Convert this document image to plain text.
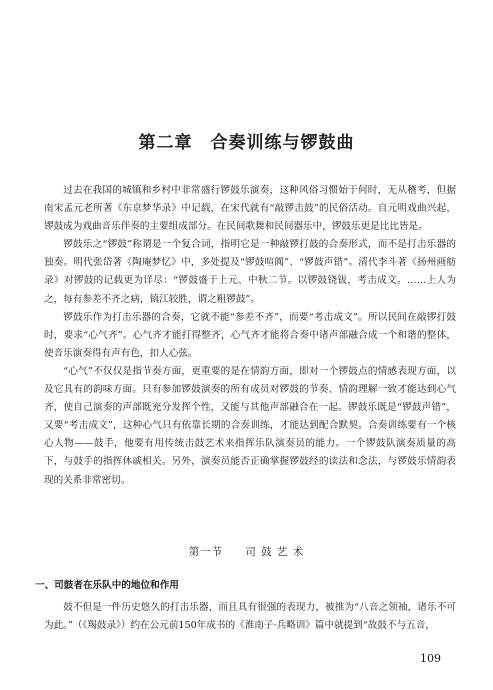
第二章 合奏训练与锣鼓曲

过去在我国的城镇和乡村中非常盛行锣鼓乐演奏，这种风俗习惯始于何时，无从稽考，但据南宋孟元老所著《东京梦华录》中记载，在宋代就有“敲锣击鼓”的民俗活动。自元明戏曲兴起，锣鼓成为戏曲音乐伴奏的主要组成部分。在民间歌舞和民间器乐中，锣鼓乐更是比比皆是。

锣鼓乐之“锣鼓”称谓是一个复合词，指明它是一种敲锣打鼓的合奏形式，而不是打击乐器的独奏。明代张岱著《陶庵梦忆》中，多处提及“锣鼓喧阗”、“锣鼓声错”。清代李斗著《扬州画舫录》对锣鼓的记载更为详尽：“锣鼓盛于上元、中秋二节。以锣鼓铙钹，考击成文。……上人为之，每有参差不齐之病，镇江较胜，谓之粗锣鼓”。

锣鼓乐作为打击乐器的合奏，它就不能“参差不齐”，而要“考击成文”。所以民间在敲锣打鼓时，要求“心气齐”。心气齐才能打得整齐，心气齐才能将合奏中诸声部融合成一个和谐的整体，使音乐演奏得有声有色，扣人心弦。

“心气”不仅仅是指节奏方面，更重要的是在情韵方面，即对一个锣鼓点的情感表现方面，以及它具有的韵味方面。只有参加锣鼓演奏的所有成员对锣鼓的节奏、情韵理解一致才能达到心气齐，使自己演奏的声部既充分发挥个性，又能与其他声部融合在一起。锣鼓乐既是“锣鼓声错”，又要“考击成文”，这种心气只有依靠长期的合奏训练，才能达到配合默契。合奏训练要有一个核心人物——鼓手，他要有用传统击鼓艺术来指挥乐队演奏员的能力。一个锣鼓队演奏质量的高下，与鼓手的指挥休戚相关。另外，演奏员能否正确掌握锣鼓经的读法和念法，与锣鼓乐情韵表现的关系非常密切。

第一节 司 鼓 艺 术
一、司鼓者在乐队中的地位和作用

鼓不但是一件历史悠久的打击乐器，而且具有很强的表现力，被推为“八音之领袖，诸乐不可为此。”（《羯鼓录》）约在公元前150年成书的《淮南子·兵略训》篇中就提到“故鼓不与五音，

109
